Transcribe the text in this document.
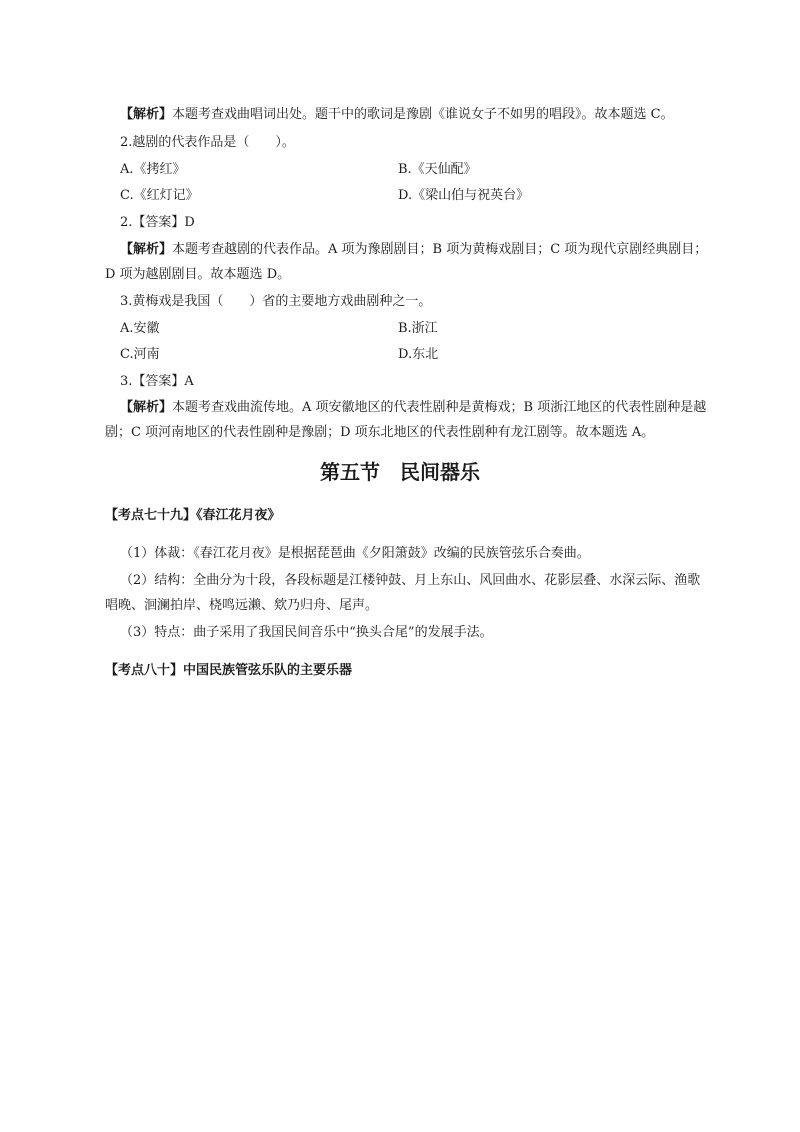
【解析】本题考查戏曲唱词出处。题干中的歌词是豫剧《谁说女子不如男的唱段》。故本题选 C。
2.越剧的代表作品是（　　）。
A.《拷红》	B.《天仙配》
C.《红灯记》	D.《梁山伯与祝英台》
2.【答案】D
【解析】本题考查越剧的代表作品。A 项为豫剧剧目；B 项为黄梅戏剧目；C 项为现代京剧经典剧目；
D 项为越剧剧目。故本题选 D。
3.黄梅戏是我国（　　）省的主要地方戏曲剧种之一。
A.安徽	B.浙江
C.河南	D.东北
3.【答案】A
【解析】本题考查戏曲流传地。A 项安徽地区的代表性剧种是黄梅戏；B 项浙江地区的代表性剧种是越
剧；C 项河南地区的代表性剧种是豫剧；D 项东北地区的代表性剧种有龙江剧等。故本题选 A。
第五节　民间器乐
【考点七十九】《春江花月夜》
（1）体裁：《春江花月夜》是根据琵琶曲《夕阳箫鼓》改编的民族管弦乐合奏曲。
（2）结构：全曲分为十段，各段标题是江楼钟鼓、月上东山、风回曲水、花影层叠、水深云际、渔歌
唱晚、洄澜拍岸、桡鸣远濑、欸乃归舟、尾声。
（3）特点：曲子采用了我国民间音乐中“换头合尾”的发展手法。
【考点八十】中国民族管弦乐队的主要乐器
